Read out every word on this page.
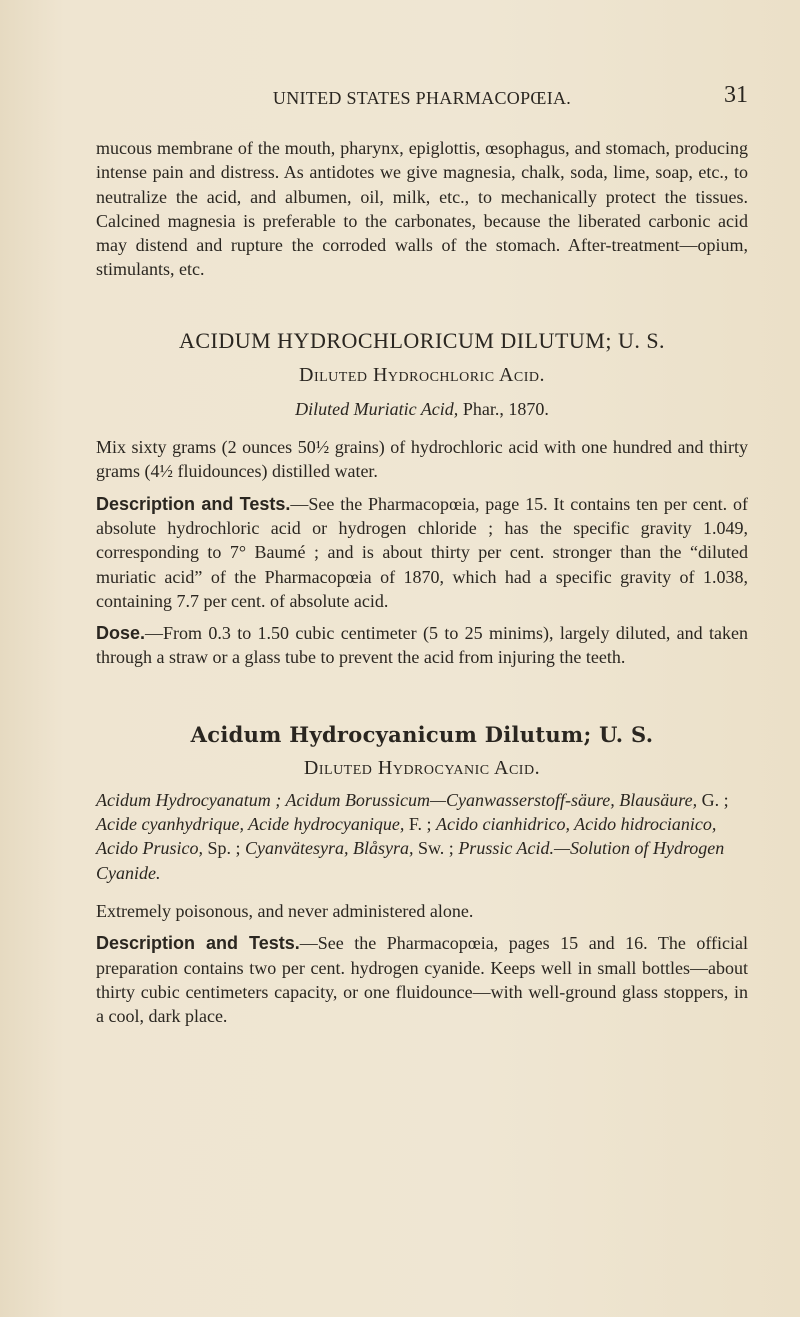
UNITED STATES PHARMACOPŒIA.	31

mucous membrane of the mouth, pharynx, epiglottis, œsophagus, and stomach, producing intense pain and distress. As antidotes we give magnesia, chalk, soda, lime, soap, etc., to neutralize the acid, and albumen, oil, milk, etc., to mechanically protect the tissues. Calcined magnesia is preferable to the carbonates, because the liberated carbonic acid may distend and rupture the corroded walls of the stomach. After-treatment—opium, stimulants, etc.

ACIDUM HYDROCHLORICUM DILUTUM; U. S.
Diluted Hydrochloric Acid.

Diluted Muriatic Acid, Phar., 1870.

Mix sixty grams (2 ounces 50½ grains) of hydrochloric acid with one hundred and thirty grams (4½ fluidounces) distilled water.

Description and Tests.—See the Pharmacopœia, page 15. It contains ten per cent. of absolute hydrochloric acid or hydrogen chloride ; has the specific gravity 1.049, corresponding to 7° Baumé ; and is about thirty per cent. stronger than the “diluted muriatic acid” of the Pharmacopœia of 1870, which had a specific gravity of 1.038, containing 7.7 per cent. of absolute acid.

Dose.—From 0.3 to 1.50 cubic centimeter (5 to 25 minims), largely diluted, and taken through a straw or a glass tube to prevent the acid from injuring the teeth.

Acidum Hydrocyanicum Dilutum; U. S.
Diluted Hydrocyanic Acid.

Acidum Hydrocyanatum ; Acidum Borussicum—Cyanwasserstoff-säure, Blausäure, G. ; Acide cyanhydrique, Acide hydrocyanique, F. ; Acido cianhidrico, Acido hidrocianico, Acido Prusico, Sp. ; Cyanvätesyra, Blåsyra, Sw. ; Prussic Acid.—Solution of Hydrogen Cyanide.

Extremely poisonous, and never administered alone.

Description and Tests.—See the Pharmacopœia, pages 15 and 16. The official preparation contains two per cent. hydrogen cyanide. Keeps well in small bottles—about thirty cubic centimeters capacity, or one fluidounce—with well-ground glass stoppers, in a cool, dark place.
